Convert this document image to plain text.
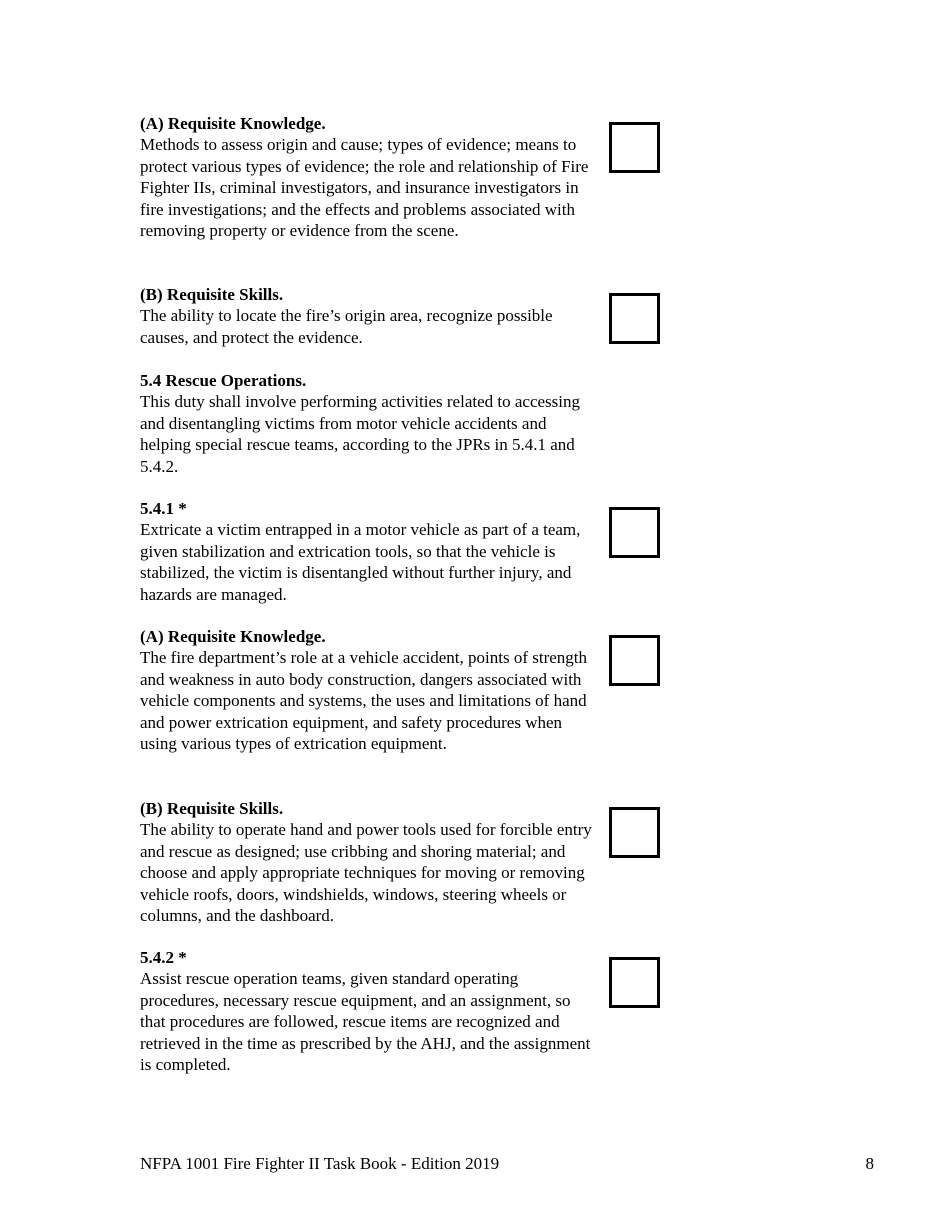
(A) Requisite Knowledge.

Methods to assess origin and cause; types of evidence; means to protect various types of evidence; the role and relationship of Fire Fighter IIs, criminal investigators, and insurance investigators in fire investigations; and the effects and problems associated with removing property or evidence from the scene.

(B) Requisite Skills.

The ability to locate the fire’s origin area, recognize possible causes, and protect the evidence.

5.4 Rescue Operations.

This duty shall involve performing activities related to accessing and disentangling victims from motor vehicle accidents and helping special rescue teams, according to the JPRs in 5.4.1 and 5.4.2.

5.4.1 *

Extricate a victim entrapped in a motor vehicle as part of a team, given stabilization and extrication tools, so that the vehicle is stabilized, the victim is disentangled without further injury, and hazards are managed.

(A) Requisite Knowledge.

The fire department’s role at a vehicle accident, points of strength and weakness in auto body construction, dangers associated with vehicle components and systems, the uses and limitations of hand and power extrication equipment, and safety procedures when using various types of extrication equipment.

(B) Requisite Skills.

The ability to operate hand and power tools used for forcible entry and rescue as designed; use cribbing and shoring material; and choose and apply appropriate techniques for moving or removing vehicle roofs, doors, windshields, windows, steering wheels or columns, and the dashboard.

5.4.2 *

Assist rescue operation teams, given standard operating procedures, necessary rescue equipment, and an assignment, so that procedures are followed, rescue items are recognized and retrieved in the time as prescribed by the AHJ, and the assignment is completed.

NFPA 1001 Fire Fighter II Task Book - Edition 2019	8
